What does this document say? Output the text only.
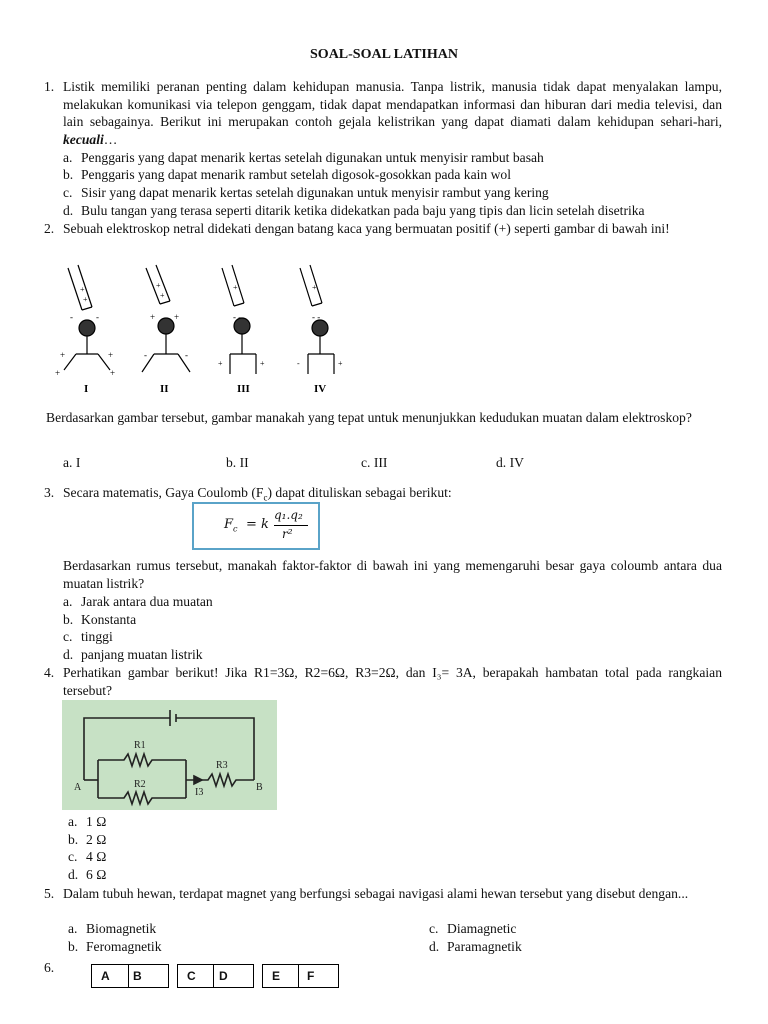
SOAL-SOAL LATIHAN
1. Listik memiliki peranan penting dalam kehidupan manusia. Tanpa listrik, manusia tidak dapat menyalakan lampu, melakukan komunikasi via telepon genggam, tidak dapat mendapatkan informasi dan hiburan dari media televisi, dan lain sebagainya. Berikut ini merupakan contoh gejala kelistrikan yang dapat diamati dalam kehidupan sehari-hari, kecuali…
a. Penggaris yang dapat menarik kertas setelah digunakan untuk menyisir rambut basah
b. Penggaris yang dapat menarik rambut setelah digosok-gosokkan pada kain wol
c. Sisir yang dapat menarik kertas setelah digunakan untuk menyisir rambut yang kering
d. Bulu tangan yang terasa seperti ditarik ketika didekatkan pada baju yang tipis dan licin setelah disetrika
2. Sebuah elektroskop netral didekati dengan batang kaca yang bermuatan positif (+) seperti gambar di bawah ini!
+
+
+	+
+	+
-	-
+
+
+ +
-	-
+
- -
+	+
+
- -
-	+
I	II	III	IV
Berdasarkan gambar tersebut, gambar manakah yang tepat untuk menunjukkan kedudukan muatan dalam elektroskop?
a. I	b. II	c. III	d. IV
3. Secara matematis, Gaya Coulomb $(F_c)$ dapat dituliskan sebagai berikut:
$F_c = k$
q₁.q₂
r²
Berdasarkan rumus tersebut, manakah faktor-faktor di bawah ini yang memengaruhi besar gaya coloumb antara dua muatan listrik?
a. Jarak antara dua muatan
b. Konstanta
c. tinggi
d. panjang muatan listrik
4. Perhatikan gambar berikut! Jika R1=3Ω, R2=6Ω, R3=2Ω, dan I₃= 3A, berapakah hambatan total pada rangkaian tersebut?
R1
R2
R3
I3
A	B
a. 1 Ω
b. 2 Ω
c. 4 Ω
d. 6 Ω
5. Dalam tubuh hewan, terdapat magnet yang berfungsi sebagai navigasi alami hewan tersebut yang disebut dengan...
a. Biomagnetik
b. Feromagnetik
c. Diamagnetic
d. Paramagnetik
6.
A B	C D	E F
